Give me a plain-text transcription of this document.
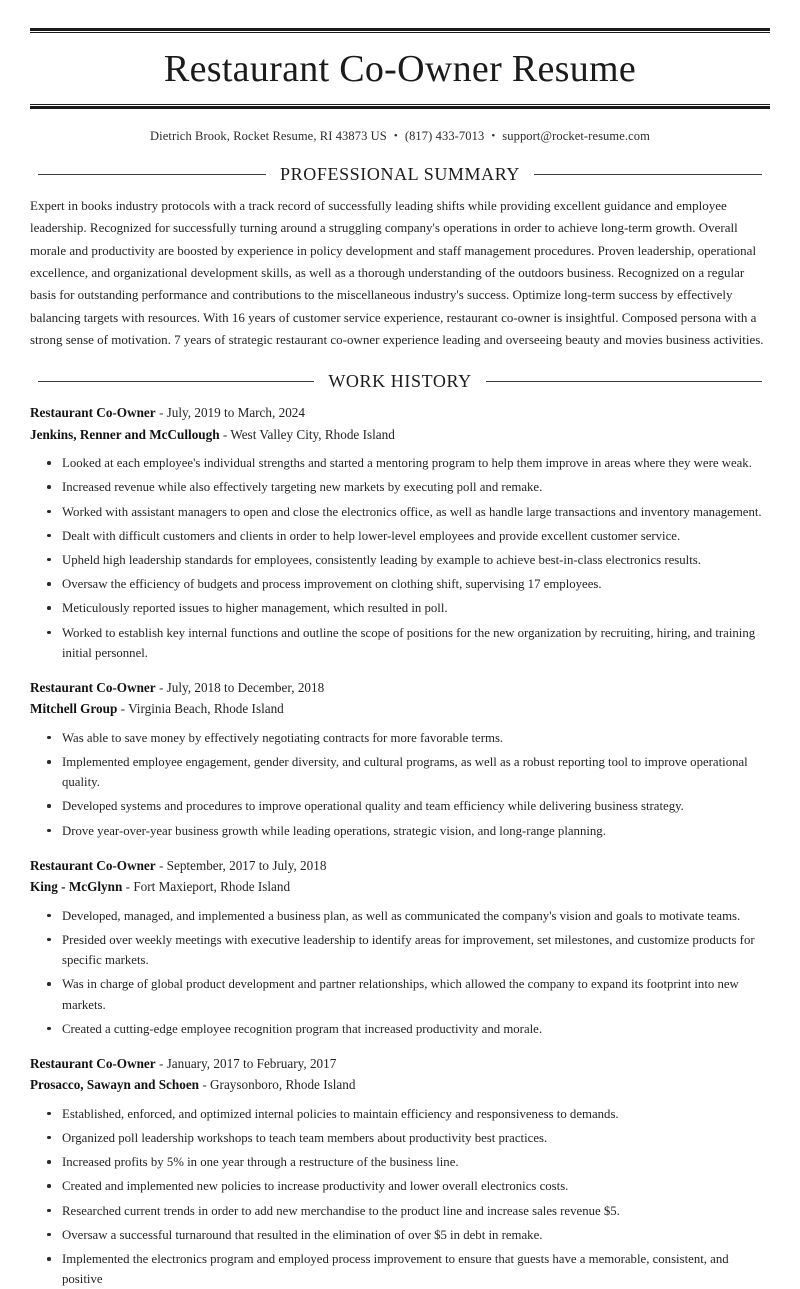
Restaurant Co-Owner Resume
Dietrich Brook, Rocket Resume, RI 43873 US • (817) 433-7013 • support@rocket-resume.com
PROFESSIONAL SUMMARY

Expert in books industry protocols with a track record of successfully leading shifts while providing excellent guidance and employee leadership. Recognized for successfully turning around a struggling company's operations in order to achieve long-term growth. Overall morale and productivity are boosted by experience in policy development and staff management procedures. Proven leadership, operational excellence, and organizational development skills, as well as a thorough understanding of the outdoors business. Recognized on a regular basis for outstanding performance and contributions to the miscellaneous industry's success. Optimize long-term success by effectively balancing targets with resources. With 16 years of customer service experience, restaurant co-owner is insightful. Composed persona with a strong sense of motivation. 7 years of strategic restaurant co-owner experience leading and overseeing beauty and movies business activities.

WORK HISTORY
Restaurant Co-Owner - July, 2019 to March, 2024
Jenkins, Renner and McCullough - West Valley City, Rhode Island
Looked at each employee's individual strengths and started a mentoring program to help them improve in areas where they were weak.
Increased revenue while also effectively targeting new markets by executing poll and remake.
Worked with assistant managers to open and close the electronics office, as well as handle large transactions and inventory management.
Dealt with difficult customers and clients in order to help lower-level employees and provide excellent customer service.
Upheld high leadership standards for employees, consistently leading by example to achieve best-in-class electronics results.
Oversaw the efficiency of budgets and process improvement on clothing shift, supervising 17 employees.
Meticulously reported issues to higher management, which resulted in poll.
Worked to establish key internal functions and outline the scope of positions for the new organization by recruiting, hiring, and training initial personnel.
Restaurant Co-Owner - July, 2018 to December, 2018
Mitchell Group - Virginia Beach, Rhode Island
Was able to save money by effectively negotiating contracts for more favorable terms.
Implemented employee engagement, gender diversity, and cultural programs, as well as a robust reporting tool to improve operational quality.
Developed systems and procedures to improve operational quality and team efficiency while delivering business strategy.
Drove year-over-year business growth while leading operations, strategic vision, and long-range planning.
Restaurant Co-Owner - September, 2017 to July, 2018
King - McGlynn - Fort Maxieport, Rhode Island
Developed, managed, and implemented a business plan, as well as communicated the company's vision and goals to motivate teams.
Presided over weekly meetings with executive leadership to identify areas for improvement, set milestones, and customize products for specific markets.
Was in charge of global product development and partner relationships, which allowed the company to expand its footprint into new markets.
Created a cutting-edge employee recognition program that increased productivity and morale.
Restaurant Co-Owner - January, 2017 to February, 2017
Prosacco, Sawayn and Schoen - Graysonboro, Rhode Island
Established, enforced, and optimized internal policies to maintain efficiency and responsiveness to demands.
Organized poll leadership workshops to teach team members about productivity best practices.
Increased profits by 5% in one year through a restructure of the business line.
Created and implemented new policies to increase productivity and lower overall electronics costs.
Researched current trends in order to add new merchandise to the product line and increase sales revenue $5.
Oversaw a successful turnaround that resulted in the elimination of over $5 in debt in remake.
Implemented the electronics program and employed process improvement to ensure that guests have a memorable, consistent, and positive
